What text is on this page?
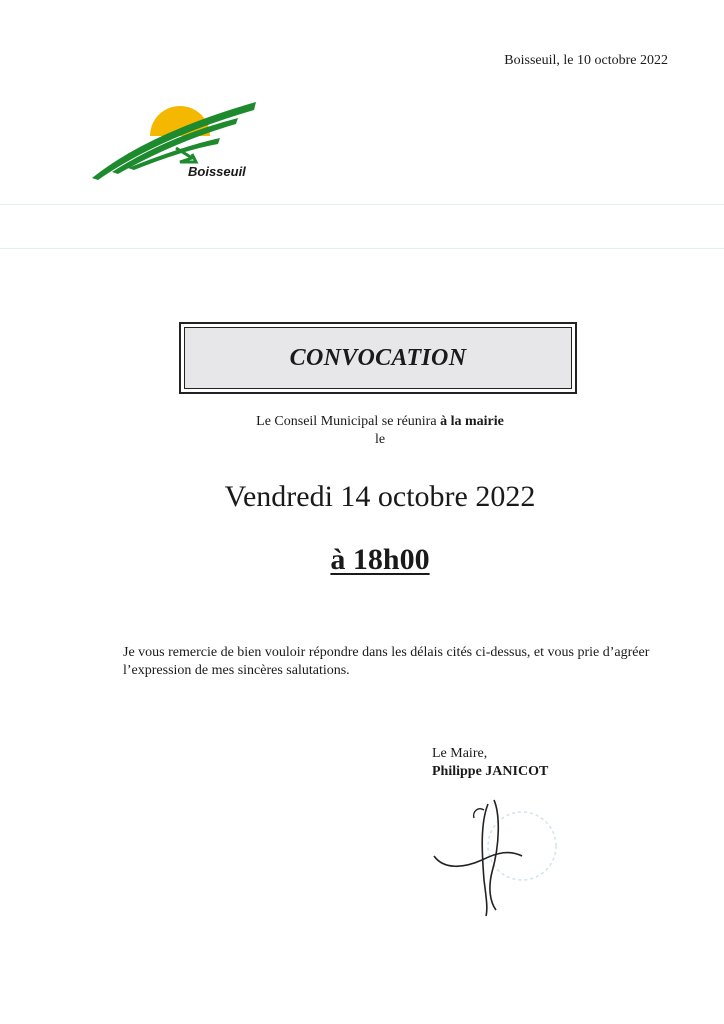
Boisseuil, le 10 octobre 2022
Boisseuil
CONVOCATION
Le Conseil Municipal se réunira à la mairie
le
Vendredi 14 octobre 2022
à 18h00
Je vous remercie de bien vouloir répondre dans les délais cités ci-dessus, et vous prie d’agréer l’expression de mes sincères salutations.
Le Maire,
Philippe JANICOT
